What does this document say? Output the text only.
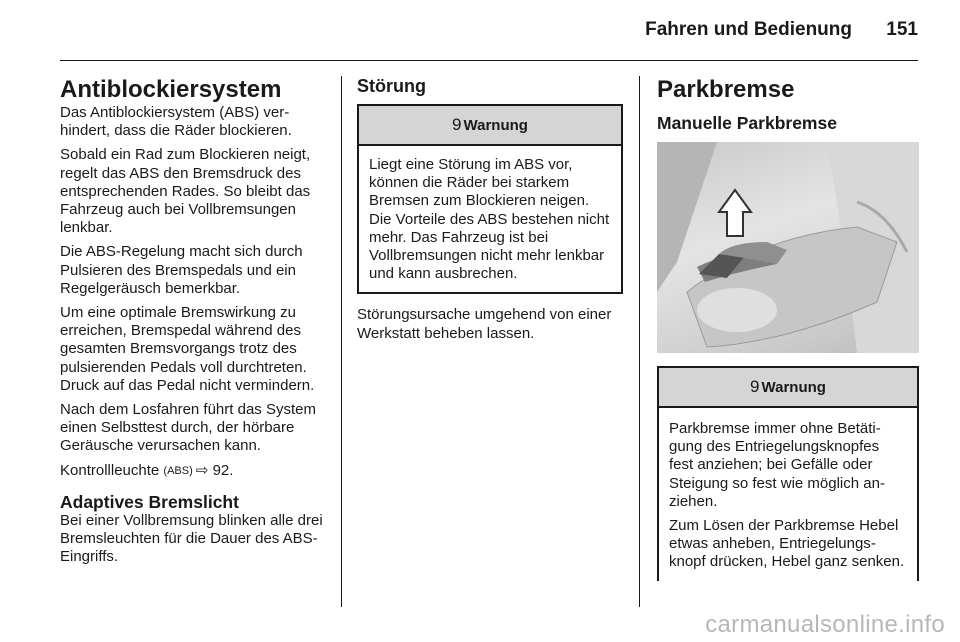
Fahren und Bedienung 151
Antiblockiersystem

Das Antiblockiersystem (ABS) verhindert, dass die Räder blockieren.

Sobald ein Rad zum Blockieren neigt, regelt das ABS den Bremsdruck des entsprechenden Rades. So bleibt das Fahrzeug auch bei Vollbremsungen lenkbar.

Die ABS-Regelung macht sich durch Pulsieren des Bremspedals und ein Regelgeräusch bemerkbar.

Um eine optimale Bremswirkung zu erreichen, Bremspedal während des gesamten Bremsvorgangs trotz des pulsierenden Pedals voll durchtreten. Druck auf das Pedal nicht vermindern.

Nach dem Losfahren führt das System einen Selbsttest durch, der hörbare Geräusche verursachen kann.

Kontrollleuchte (ABS) ⇨ 92.

Adaptives Bremslicht

Bei einer Vollbremsung blinken alle drei Bremsleuchten für die Dauer des ABS-Eingriffs.

Störung
9 Warnung

Liegt eine Störung im ABS vor, können die Räder bei starkem Bremsen zum Blockieren neigen. Die Vorteile des ABS bestehen nicht mehr. Das Fahrzeug ist bei Vollbremsungen nicht mehr lenkbar und kann ausbrechen.

Störungsursache umgehend von einer Werkstatt beheben lassen.

Parkbremse
Manuelle Parkbremse
9 Warnung

Parkbremse immer ohne Betätigung des Entriegelungsknopfes fest anziehen; bei Gefälle oder Steigung so fest wie möglich anziehen.

Zum Lösen der Parkbremse Hebel etwas anheben, Entriegelungsknopf drücken, Hebel ganz senken.

carmanualsonline.info
